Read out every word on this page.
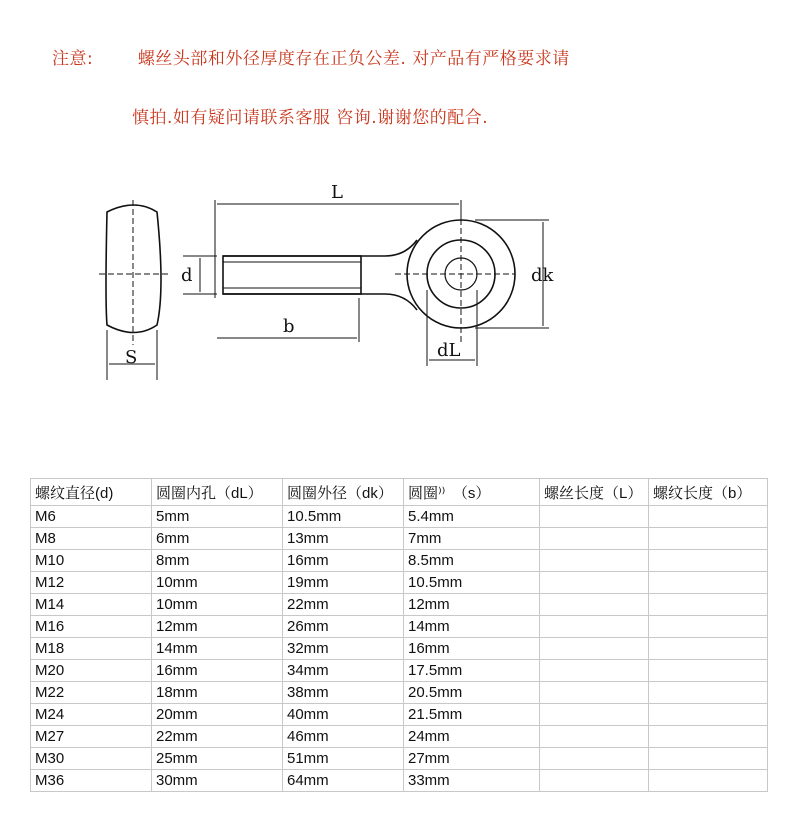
注意:	螺丝头部和外径厚度存在正负公差. 对产品有严格要求请
慎拍.如有疑问请联系客服 咨询.谢谢您的配合.
L
d
b
dk
dL
S
螺纹直径(d)	圆圈内孔（dL）	圆圈外径（dk）	圆圈⁾⁾　（s）	螺丝长度（L）	螺纹长度（b）
M6	5mm	10.5mm	5.4mm		
M8	6mm	13mm	7mm		
M10	8mm	16mm	8.5mm		
M12	10mm	19mm	10.5mm		
M14	10mm	22mm	12mm		
M16	12mm	26mm	14mm		
M18	14mm	32mm	16mm		
M20	16mm	34mm	17.5mm		
M22	18mm	38mm	20.5mm		
M24	20mm	40mm	21.5mm		
M27	22mm	46mm	24mm		
M30	25mm	51mm	27mm		
M36	30mm	64mm	33mm		
